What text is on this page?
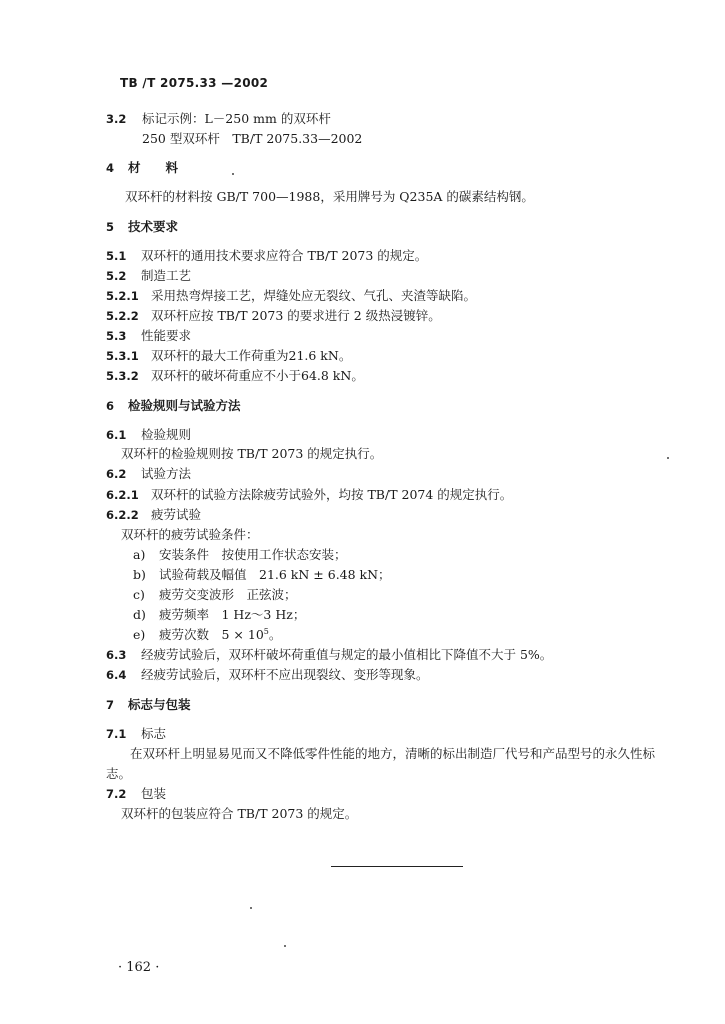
TB /T 2075.33 —2002
3.2 标记示例：L－250 mm 的双环杆
250 型双环杆　TB/T 2075.33—2002
4 材　　料
双环杆的材料按 GB/T 700—1988，采用牌号为 Q235A 的碳素结构钢。
5 技术要求
5.1 双环杆的通用技术要求应符合 TB/T 2073 的规定。
5.2 制造工艺
5.2.1 采用热弯焊接工艺，焊缝处应无裂纹、气孔、夹渣等缺陷。
5.2.2 双环杆应按 TB/T 2073 的要求进行 2 级热浸镀锌。
5.3 性能要求
5.3.1 双环杆的最大工作荷重为21.6 kN。
5.3.2 双环杆的破坏荷重应不小于64.8 kN。
6 检验规则与试验方法
6.1 检验规则
双环杆的检验规则按 TB/T 2073 的规定执行。
6.2 试验方法
6.2.1 双环杆的试验方法除疲劳试验外，均按 TB/T 2074 的规定执行。
6.2.2 疲劳试验
双环杆的疲劳试验条件：
a) 安装条件　按使用工作状态安装；
b) 试验荷载及幅值　21.6 kN ± 6.48 kN；
c) 疲劳交变波形　正弦波；
d) 疲劳频率　1 Hz～3 Hz；
e) 疲劳次数　$5 \times 10^5$。
6.3 经疲劳试验后，双环杆破坏荷重值与规定的最小值相比下降值不大于 5%。
6.4 经疲劳试验后，双环杆不应出现裂纹、变形等现象。
7 标志与包装
7.1 标志
在双环杆上明显易见而又不降低零件性能的地方，清晰的标出制造厂代号和产品型号的永久性标
志。
7.2 包装
双环杆的包装应符合 TB/T 2073 的规定。
· 162 ·
